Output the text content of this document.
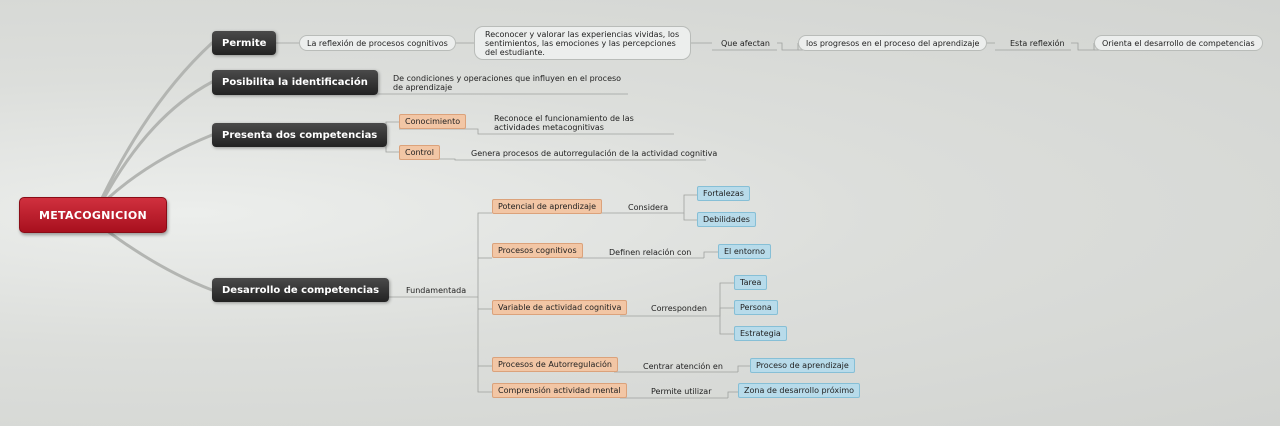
METACOGNICION
Permite	La reflexión de procesos cognitivos
Reconocer y valorar las experiencias vividas, los sentimientos, las emociones y las percepciones del estudiante.
Que afectan	los progresos en el proceso del aprendizaje	Esta reflexión	Orienta el desarrollo de competencias
Posibilita la identificación	De condiciones y operaciones que influyen en el proceso de aprendizaje
Presenta dos competencias
Conocimiento	Reconoce el funcionamiento de las actividades metacognitivas
Control	Genera procesos de autorregulación de la actividad cognitiva
Desarrollo de competencias	Fundamentada
Potencial de aprendizaje	Considera
Fortalezas
Debilidades
Procesos cognitivos	Definen relación con	El entorno
Variable de actividad cognitiva	Corresponden
Tarea
Persona
Estrategia
Procesos de Autorregulación	Centrar atención en	Proceso de aprendizaje
Comprensión actividad mental	Permite utilizar	Zona de desarrollo próximo
